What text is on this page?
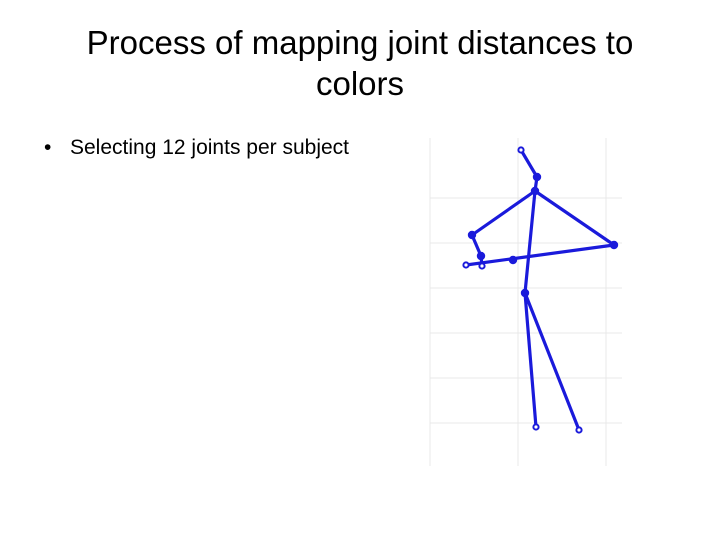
Process of mapping joint distances to colors
• Selecting 12 joints per subject
